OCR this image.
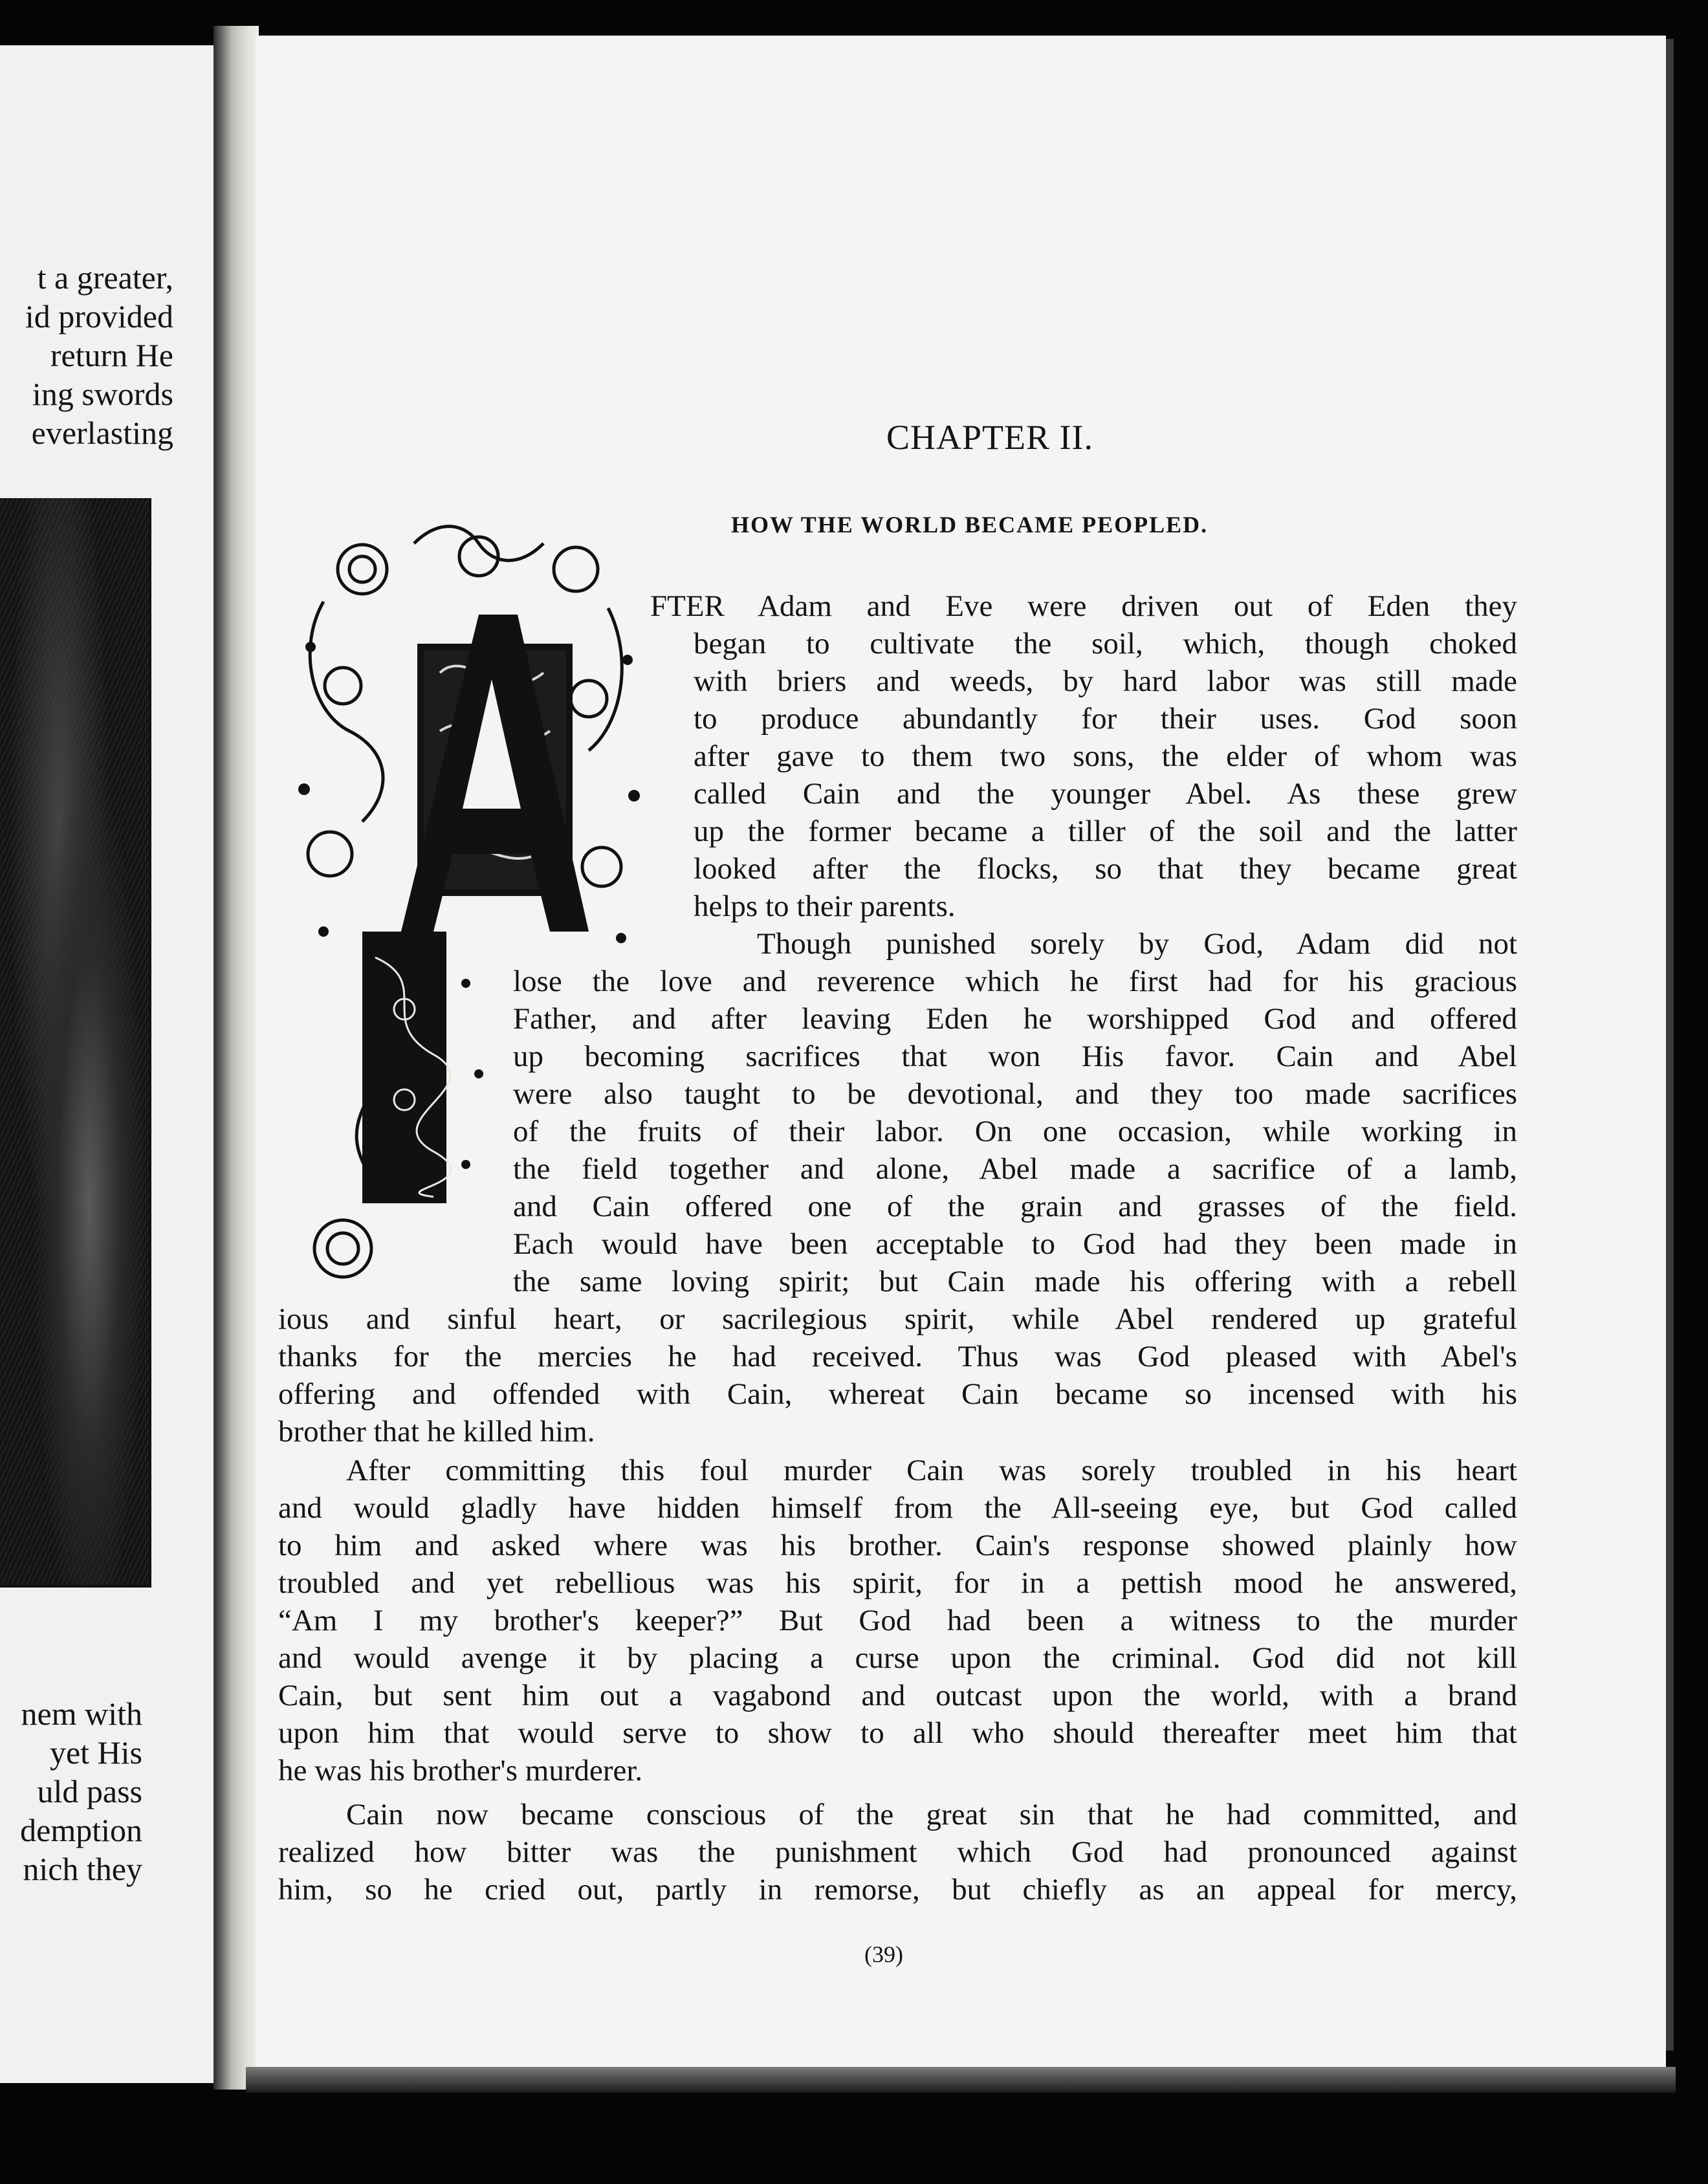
t a greater,
id provided
return He
ing swords
everlasting
nem with
yet His
uld pass
demption
nich they
CHAPTER II.
HOW THE WORLD BECAME PEOPLED.
FTER Adam and Eve were driven out of Eden they
began to cultivate the soil, which, though choked
with briers and weeds, by hard labor was still made
to produce abundantly for their uses. God soon
after gave to them two sons, the elder of whom was
called Cain and the younger Abel. As these grew
up the former became a tiller of the soil and the latter
looked after the flocks, so that they became great
helps to their parents.
Though punished sorely by God, Adam did not
lose the love and reverence which he first had for his gracious
Father, and after leaving Eden he worshipped God and offered
up becoming sacrifices that won His favor. Cain and Abel
were also taught to be devotional, and they too made sacrifices
of the fruits of their labor. On one occasion, while working in
the field together and alone, Abel made a sacrifice of a lamb,
and Cain offered one of the grain and grasses of the field.
Each would have been acceptable to God had they been made in
the same loving spirit; but Cain made his offering with a rebell
ious and sinful heart, or sacrilegious spirit, while Abel rendered up grateful
thanks for the mercies he had received. Thus was God pleased with Abel's
offering and offended with Cain, whereat Cain became so incensed with his
brother that he killed him.
After committing this foul murder Cain was sorely troubled in his heart
and would gladly have hidden himself from the All-seeing eye, but God called
to him and asked where was his brother. Cain's response showed plainly how
troubled and yet rebellious was his spirit, for in a pettish mood he answered,
“Am I my brother's keeper?” But God had been a witness to the murder
and would avenge it by placing a curse upon the criminal. God did not kill
Cain, but sent him out a vagabond and outcast upon the world, with a brand
upon him that would serve to show to all who should thereafter meet him that
he was his brother's murderer.
Cain now became conscious of the great sin that he had committed, and
realized how bitter was the punishment which God had pronounced against
him, so he cried out, partly in remorse, but chiefly as an appeal for mercy,
(39)
